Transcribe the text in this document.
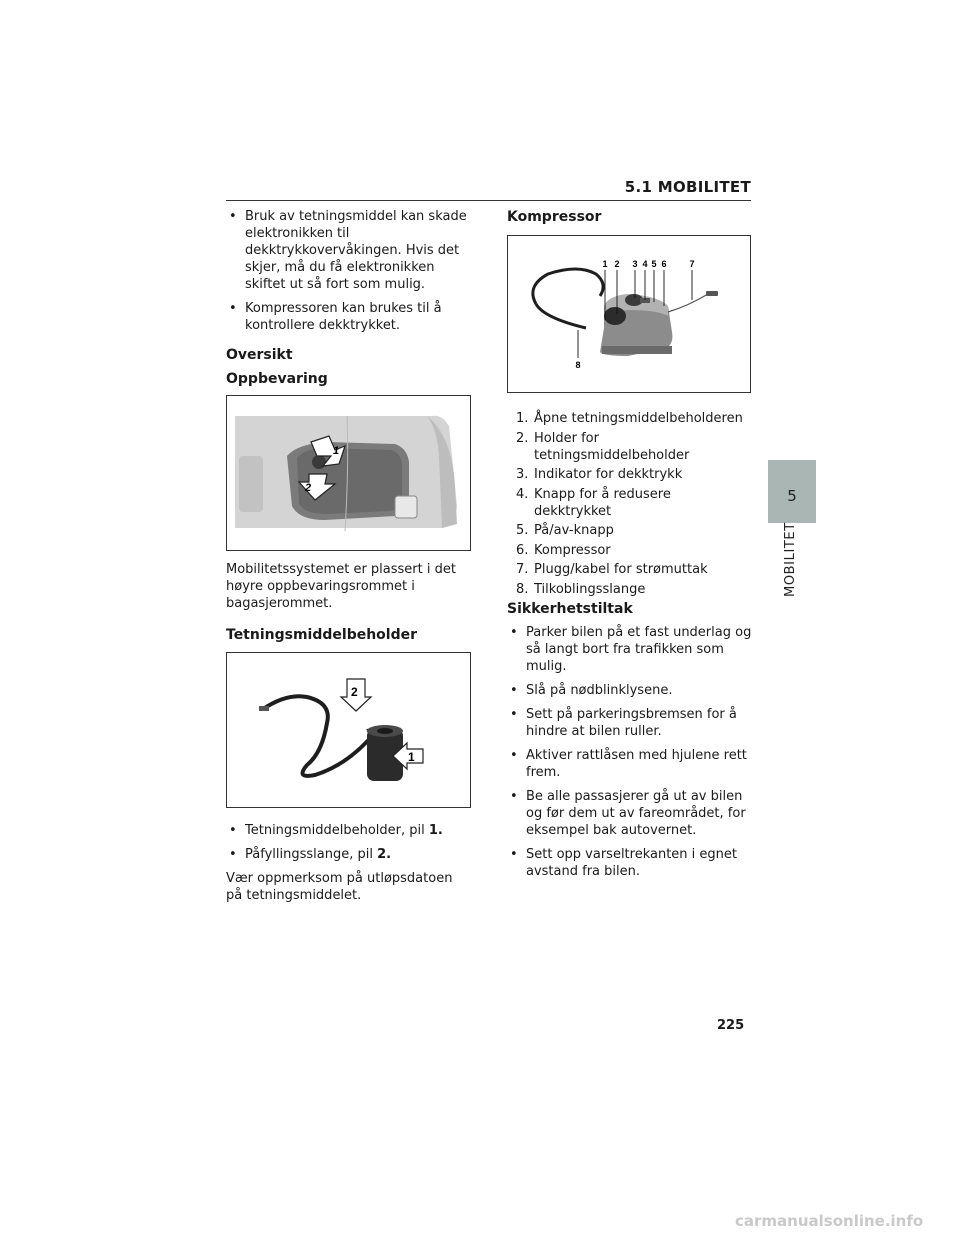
5.1 MOBILITET
• Bruk av tetningsmiddel kan skade elektronikken til dekktrykkovervåkingen. Hvis det skjer, må du få elektronikken skiftet ut så fort som mulig.
• Kompressoren kan brukes til å kontrollere dekktrykket.
Oversikt
Oppbevaring
1
2

Mobilitetssystemet er plassert i det høyre oppbevaringsrommet i bagasjerommet.

Tetningsmiddelbeholder
2
1
• Tetningsmiddelbeholder, pil 1.
• Påfyllingsslange, pil 2.

Vær oppmerksom på utløpsdatoen på tetningsmiddelet.

Kompressor
1 2 3 4 5 6	7
8
1. Åpne tetningsmiddelbeholderen
2. Holder for tetningsmiddelbeholder
3. Indikator for dekktrykk
4. Knapp for å redusere dekktrykket
5. På/av-knapp
6. Kompressor
7. Plugg/kabel for strømuttak
8. Tilkoblingsslange
Sikkerhetstiltak
• Parker bilen på et fast underlag og så langt bort fra trafikken som mulig.
• Slå på nødblinklysene.
• Sett på parkeringsbremsen for å hindre at bilen ruller.
• Aktiver rattlåsen med hjulene rett frem.
• Be alle passasjerer gå ut av bilen og før dem ut av fareområdet, for eksempel bak autovernet.
• Sett opp varseltrekanten i egnet avstand fra bilen.
5
MOBILITET
225
carmanualsonline.info
